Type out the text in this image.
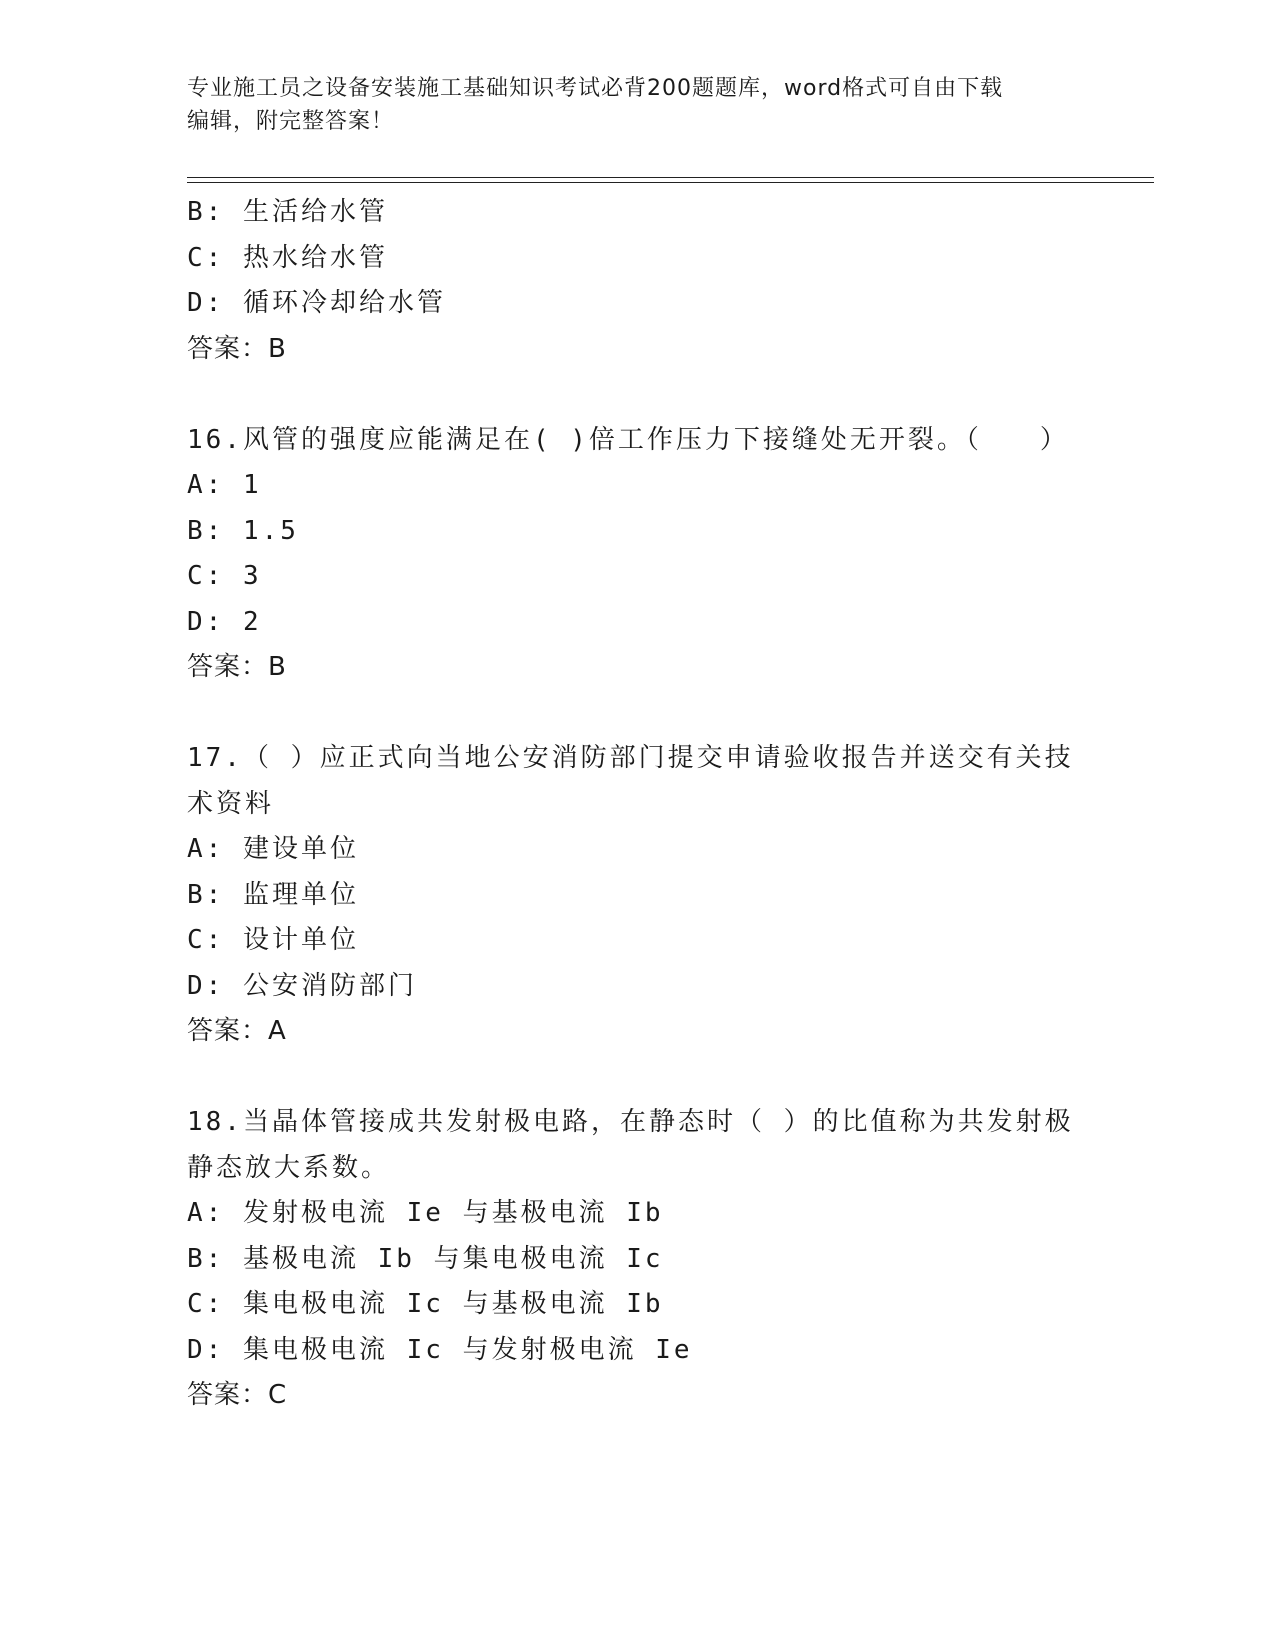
专业施工员之设备安装施工基础知识考试必背200题题库，word格式可自由下载
编辑，附完整答案！
B: 生活给水管
C: 热水给水管
D: 循环冷却给水管
答案：B
16.风管的强度应能满足在( )倍工作压力下接缝处无开裂。（　　）
A: 1
B: 1.5
C: 3
D: 2
答案：B
17.（ ）应正式向当地公安消防部门提交申请验收报告并送交有关技
术资料
A: 建设单位
B: 监理单位
C: 设计单位
D: 公安消防部门
答案：A
18.当晶体管接成共发射极电路，在静态时（ ）的比值称为共发射极
静态放大系数。
A: 发射极电流 Ie 与基极电流 Ib
B: 基极电流 Ib 与集电极电流 Ic
C: 集电极电流 Ic 与基极电流 Ib
D: 集电极电流 Ic 与发射极电流 Ie
答案：C
